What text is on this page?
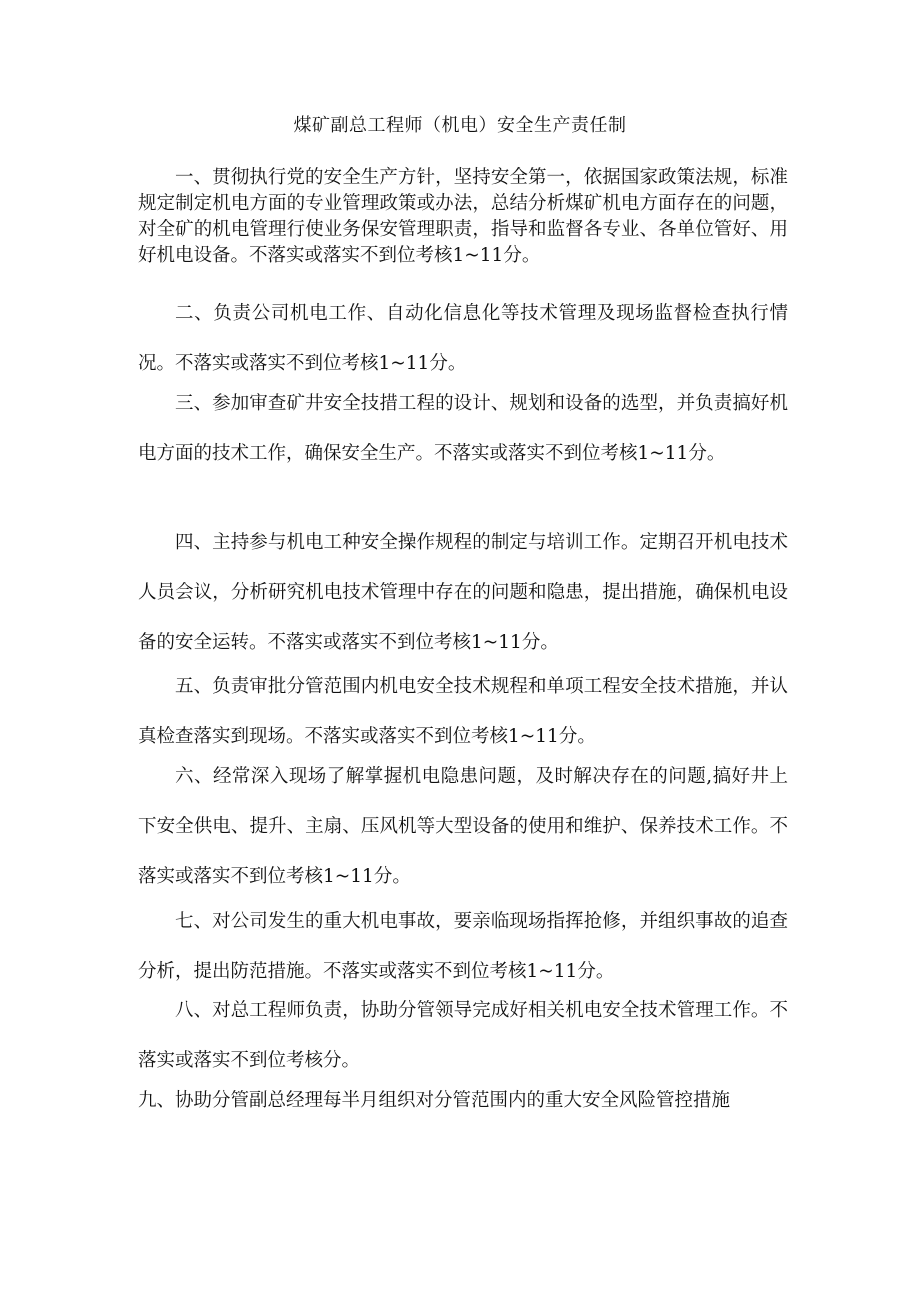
煤矿副总工程师（机电）安全生产责任制

一、贯彻执行党的安全生产方针，坚持安全第一，依据国家政策法规，标准规定制定机电方面的专业管理政策或办法，总结分析煤矿机电方面存在的问题，对全矿的机电管理行使业务保安管理职责，指导和监督各专业、各单位管好、用好机电设备。不落实或落实不到位考核1~11分。

二、负责公司机电工作、自动化信息化等技术管理及现场监督检查执行情况。不落实或落实不到位考核1~11分。

三、参加审查矿井安全技措工程的设计、规划和设备的选型，并负责搞好机电方面的技术工作，确保安全生产。不落实或落实不到位考核1~11分。

四、主持参与机电工种安全操作规程的制定与培训工作。定期召开机电技术人员会议，分析研究机电技术管理中存在的问题和隐患，提出措施，确保机电设备的安全运转。不落实或落实不到位考核1~11分。

五、负责审批分管范围内机电安全技术规程和单项工程安全技术措施，并认真检查落实到现场。不落实或落实不到位考核1~11分。

六、经常深入现场了解掌握机电隐患问题，及时解决存在的问题,搞好井上下安全供电、提升、主扇、压风机等大型设备的使用和维护、保养技术工作。不落实或落实不到位考核1~11分。

七、对公司发生的重大机电事故，要亲临现场指挥抢修，并组织事故的追查分析，提出防范措施。不落实或落实不到位考核1~11分。

八、对总工程师负责，协助分管领导完成好相关机电安全技术管理工作。不落实或落实不到位考核分。

九、协助分管副总经理每半月组织对分管范围内的重大安全风险管控措施
